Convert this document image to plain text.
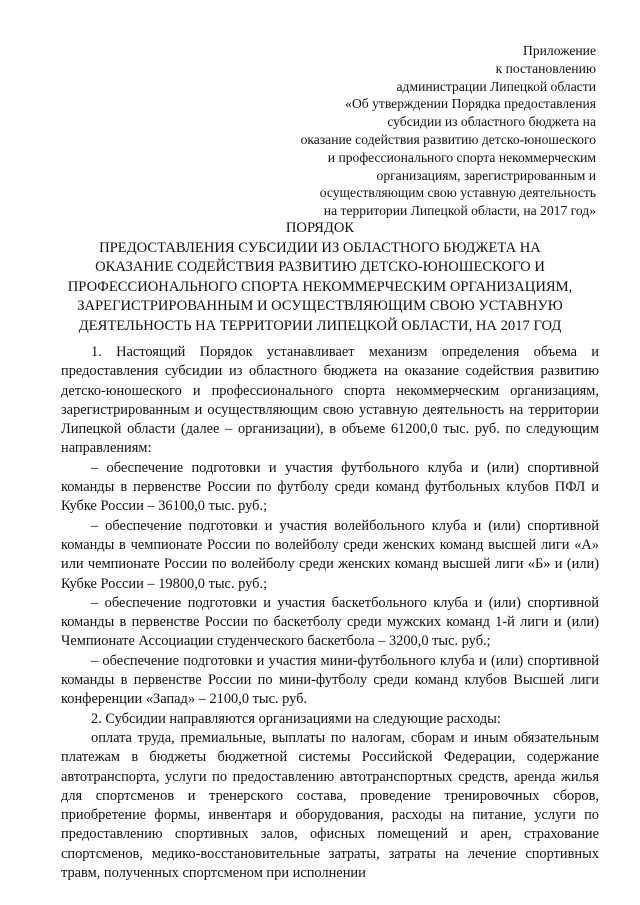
Приложение
к постановлению
администрации Липецкой области
«Об утверждении Порядка предоставления
субсидии из областного бюджета на
оказание содействия развитию детско-юношеского
и профессионального спорта некоммерческим
организациям, зарегистрированным и
осуществляющим свою уставную деятельность
на территории Липецкой области, на 2017 год»
ПОРЯДОК
ПРЕДОСТАВЛЕНИЯ СУБСИДИИ ИЗ ОБЛАСТНОГО БЮДЖЕТА НА
ОКАЗАНИЕ СОДЕЙСТВИЯ РАЗВИТИЮ ДЕТСКО-ЮНОШЕСКОГО И
ПРОФЕССИОНАЛЬНОГО СПОРТА НЕКОММЕРЧЕСКИМ ОРГАНИЗАЦИЯМ,
ЗАРЕГИСТРИРОВАННЫМ И ОСУЩЕСТВЛЯЮЩИМ СВОЮ УСТАВНУЮ
ДЕЯТЕЛЬНОСТЬ НА ТЕРРИТОРИИ ЛИПЕЦКОЙ ОБЛАСТИ, НА 2017 ГОД

1. Настоящий Порядок устанавливает механизм определения объема и предоставления субсидии из областного бюджета на оказание содействия развитию детско-юношеского и профессионального спорта некоммерческим организациям, зарегистрированным и осуществляющим свою уставную деятельность на территории Липецкой области (далее – организации), в объеме 61200,0 тыс. руб. по следующим направлениям:

– обеспечение подготовки и участия футбольного клуба и (или) спортивной команды в первенстве России по футболу среди команд футбольных клубов ПФЛ и Кубке России – 36100,0 тыс. руб.;

– обеспечение подготовки и участия волейбольного клуба и (или) спортивной команды в чемпионате России по волейболу среди женских команд высшей лиги «А» или чемпионате России по волейболу среди женских команд высшей лиги «Б» и (или) Кубке России – 19800,0 тыс. руб.;

– обеспечение подготовки и участия баскетбольного клуба и (или) спортивной команды в первенстве России по баскетболу среди мужских команд 1-й лиги и (или) Чемпионате Ассоциации студенческого баскетбола – 3200,0 тыс. руб.;

– обеспечение подготовки и участия мини-футбольного клуба и (или) спортивной команды в первенстве России по мини-футболу среди команд клубов Высшей лиги конференции «Запад» – 2100,0 тыс. руб.

2. Субсидии направляются организациями на следующие расходы:

оплата труда, премиальные, выплаты по налогам, сборам и иным обязательным платежам в бюджеты бюджетной системы Российской Федерации, содержание автотранспорта, услуги по предоставлению автотранспортных средств, аренда жилья для спортсменов и тренерского состава, проведение тренировочных сборов, приобретение формы, инвентаря и оборудования, расходы на питание, услуги по предоставлению спортивных залов, офисных помещений и арен, страхование спортсменов, медико-восстановительные затраты, затраты на лечение спортивных травм, полученных спортсменом при исполнении
